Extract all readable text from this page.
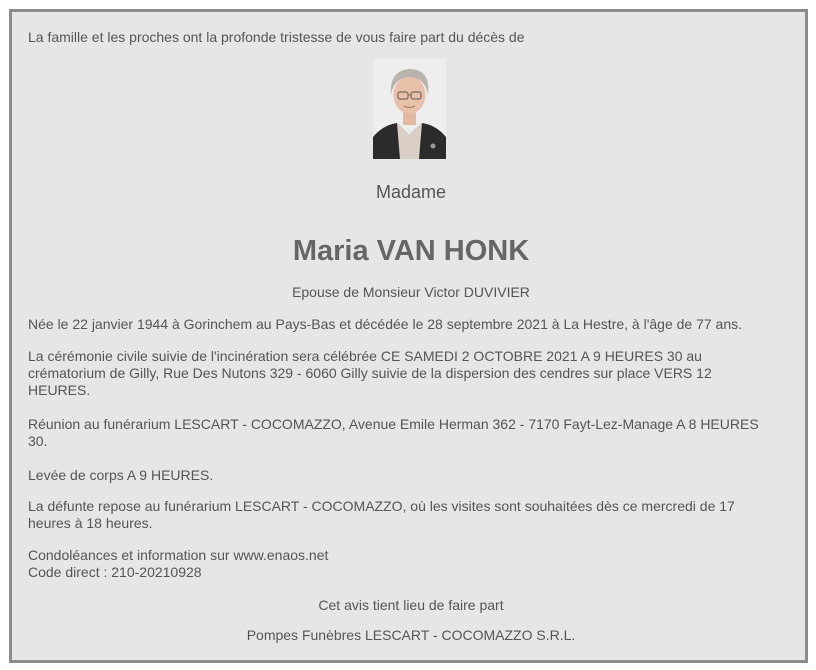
La famille et les proches ont la profonde tristesse de vous faire part du décès de
Madame
Maria VAN HONK
Epouse de Monsieur Victor DUVIVIER
Née le 22 janvier 1944 à Gorinchem au Pays-Bas et décédée le 28 septembre 2021 à La Hestre, à l'âge de 77 ans.
La cérémonie civile suivie de l'incinération sera célébrée CE SAMEDI 2 OCTOBRE 2021 A 9 HEURES 30 au
crématorium de Gilly, Rue Des Nutons 329 - 6060 Gilly suivie de la dispersion des cendres sur place VERS 12
HEURES.
Réunion au funérarium LESCART - COCOMAZZO, Avenue Emile Herman 362 - 7170 Fayt-Lez-Manage A 8 HEURES
30.
Levée de corps A 9 HEURES.
La défunte repose au funérarium LESCART - COCOMAZZO, où les visites sont souhaitées dès ce mercredi de 17
heures à 18 heures.
Condoléances et information sur www.enaos.net
Code direct : 210-20210928
Cet avis tient lieu de faire part
Pompes Funèbres LESCART - COCOMAZZO S.R.L.
